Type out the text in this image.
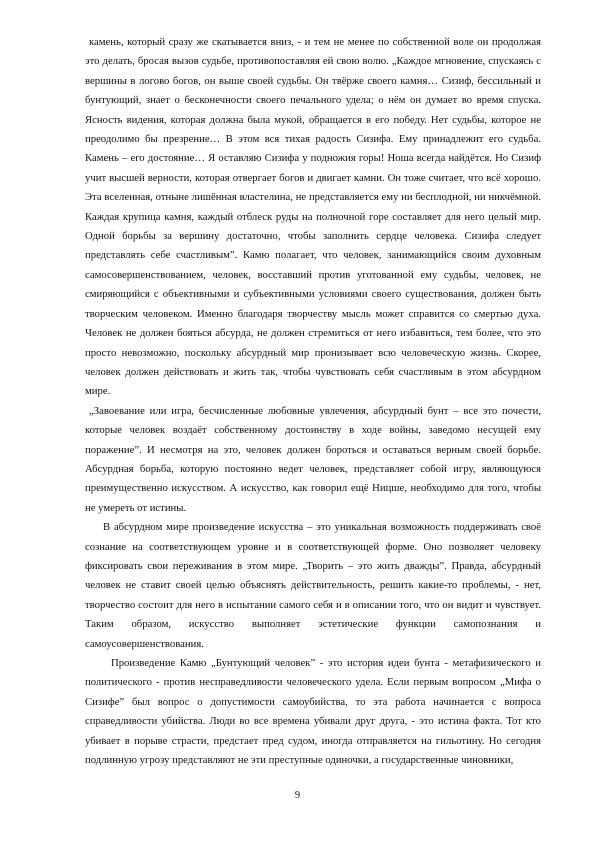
камень, который сразу же скатывается вниз, - и тем не менее по собственной воле он продолжая это делать, бросая вызов судьбе, противопоставляя ей свою волю. „Каждое мгновение, спускаясь с вершины в логово богов, он выше своей судьбы. Он твёрже своего камня… Сизиф, бессильный и бунтующий, знает о бесконечности своего печального удела; о нём он думает во время спуска. Ясность видения, которая должна была мукой, обращается в его победу. Нет судьбы, которое не преодолимо бы презрение… В этом вся тихая радость Сизифа. Ему принадлежит его судьба. Камень – его достояние… Я оставляю Сизифа у подножия горы! Ноша всегда найдётся. Но Сизиф учит высшей верности, которая отвергает богов и двигает камни. Он тоже считает, что всё хорошо. Эта вселенная, отныне лишённая властелина, не представляется ему ни бесплодной, ни никчёмной. Каждая крупица камня, каждый отблеск руды на полночной горе составляет для него целый мир. Одной борьбы за вершину достаточно, чтобы заполнить сердце человека. Сизифа следует представлять себе счастливым”. Камю полагает, что человек, занимающийся своим духовным самосовершенствованием, человек, восставший против уготованной ему судьбы, человек, не смиряющийся с объективными и субъективными условиями своего существования, должен быть творческим человеком. Именно благодаря творчеству мысль может справится со смертью духа. Человек не должен бояться абсурда, не должен стремиться от него избавиться, тем более, что это просто невозможно, поскольку абсурдный мир пронизывает всю человеческую жизнь. Скорее, человек должен действовать и жить так, чтобы чувствовать себя счастливым в этом абсурдном мире.

„Завоевание или игра, бесчисленные любовные увлечения, абсурдный бунт – все это почести, которые человек воздаёт собственному достоинству в ходе войны, заведомо несущей ему поражение”. И несмотря на это, человек должен бороться и оставаться верным своей борьбе. Абсурдная борьба, которую постоянно ведет человек, представляет собой игру, являющуюся преимущественно искусством. А искусство, как говорил ещё Ницше, необходимо для того, чтобы не умереть от истины.

В абсурдном мире произведение искусства – это уникальная возможность поддерживать своё сознание на соответствующем уровне и в соответствующей форме. Оно позволяет человеку фиксировать свои переживания в этом мире. „Творить – это жить дважды”. Правда, абсурдный человек не ставит своей целью объяснять действительность, решить какие-то проблемы, - нет, творчество состоит для него в испытании самого себя и в описании того, что он видит и чувствует. Таким образом, искусство выполняет эстетические функции самопознания и самоусовершенствования.

Произведение Камю „Бунтующий человек” - это история идеи бунта - метафизического и политического - против несправедливости человеческого удела. Если первым вопросом „Мифа о Сизифе” был вопрос о допустимости самоубийства, то эта работа начинается с вопроса справедливости убийства. Люди во все времена убивали друг друга, - это истина факта. Тот кто убивает в порыве страсти, предстает пред судом, иногда отправляется на гильотину. Но сегодня подлинную угрозу представляют не эти преступные одиночки, а государственные чиновники,

9
